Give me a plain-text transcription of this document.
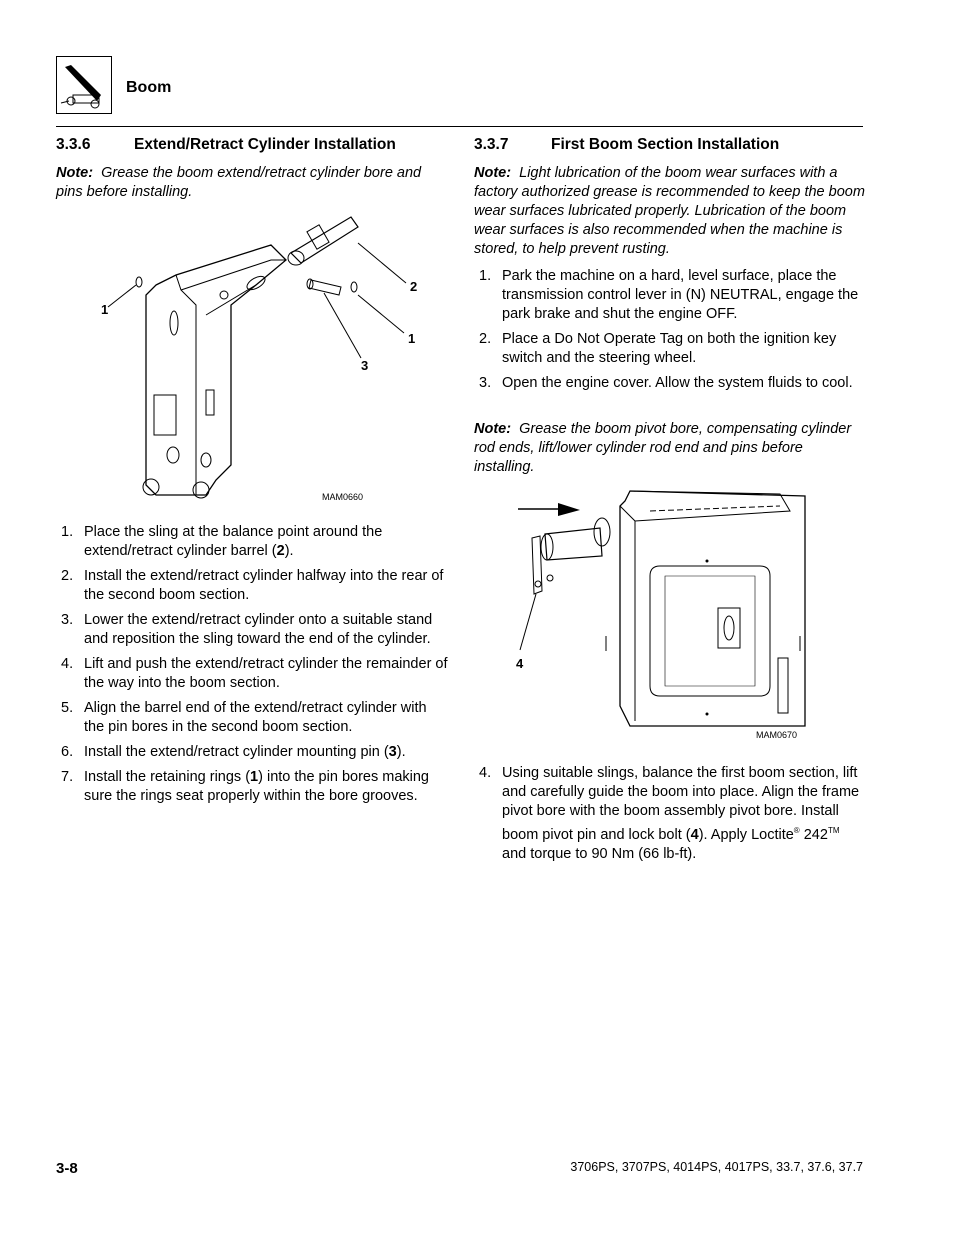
Boom
3.3.6	Extend/Retract Cylinder Installation
Note: Grease the boom extend/retract cylinder bore and pins before installing.
1
2
1
3
MAM0660
1. Place the sling at the balance point around the extend/retract cylinder barrel (2).
2. Install the extend/retract cylinder halfway into the rear of the second boom section.
3. Lower the extend/retract cylinder onto a suitable stand and reposition the sling toward the end of the cylinder.
4. Lift and push the extend/retract cylinder the remainder of the way into the boom section.
5. Align the barrel end of the extend/retract cylinder with the pin bores in the second boom section.
6. Install the extend/retract cylinder mounting pin (3).
7. Install the retaining rings (1) into the pin bores making sure the rings seat properly within the bore grooves.
3.3.7	First Boom Section Installation
Note: Light lubrication of the boom wear surfaces with a factory authorized grease is recommended to keep the boom wear surfaces lubricated properly. Lubrication of the boom wear surfaces is also recommended when the machine is stored, to help prevent rusting.
1. Park the machine on a hard, level surface, place the transmission control lever in (N) NEUTRAL, engage the park brake and shut the engine OFF.
2. Place a Do Not Operate Tag on both the ignition key switch and the steering wheel.
3. Open the engine cover. Allow the system fluids to cool.
Note: Grease the boom pivot bore, compensating cylinder rod ends, lift/lower cylinder rod end and pins before installing.
4
MAM0670
4. Using suitable slings, balance the first boom section, lift and carefully guide the boom into place. Align the frame pivot bore with the boom assembly pivot bore. Install boom pivot pin and lock bolt (4). Apply Loctite® 242™ and torque to 90 Nm (66 lb-ft).
3-8	3706PS, 3707PS, 4014PS, 4017PS, 33.7, 37.6, 37.7
